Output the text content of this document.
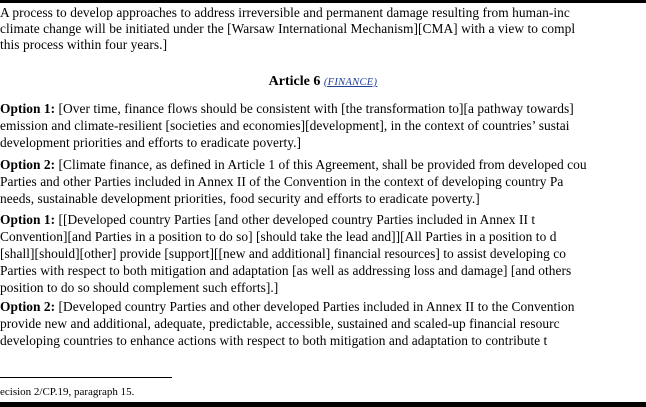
A process to develop approaches to address irreversible and permanent damage resulting from human-inc
climate change will be initiated under the [Warsaw International Mechanism][CMA] with a view to compl
this process within four years.]
Article 6 (FINANCE)
Option 1: [Over time, finance flows should be consistent with [the transformation to][a pathway towards]
emission and climate-resilient [societies and economies][development], in the context of countries’ sustai
development priorities and efforts to eradicate poverty.]
Option 2: [Climate finance, as defined in Article 1 of this Agreement, shall be provided from developed cou
Parties and other Parties included in Annex II of the Convention in the context of developing country Pa
needs, sustainable development priorities, food security and efforts to eradicate poverty.]
Option 1: [[Developed country Parties [and other developed country Parties included in Annex II t
Convention][and Parties in a position to do so] [should take the lead and]][All Parties in a position to d
[shall][should][other] provide [support][[new and additional] financial resources] to assist developing co
Parties with respect to both mitigation and adaptation [as well as addressing loss and damage] [and others
position to do so should complement such efforts].]
Option 2: [Developed country Parties and other developed Parties included in Annex II to the Convention
provide new and additional, adequate, predictable, accessible, sustained and scaled-up financial resourc
developing countries to enhance actions with respect to both mitigation and adaptation to contribute t
ecision 2/CP.19, paragraph 15.
